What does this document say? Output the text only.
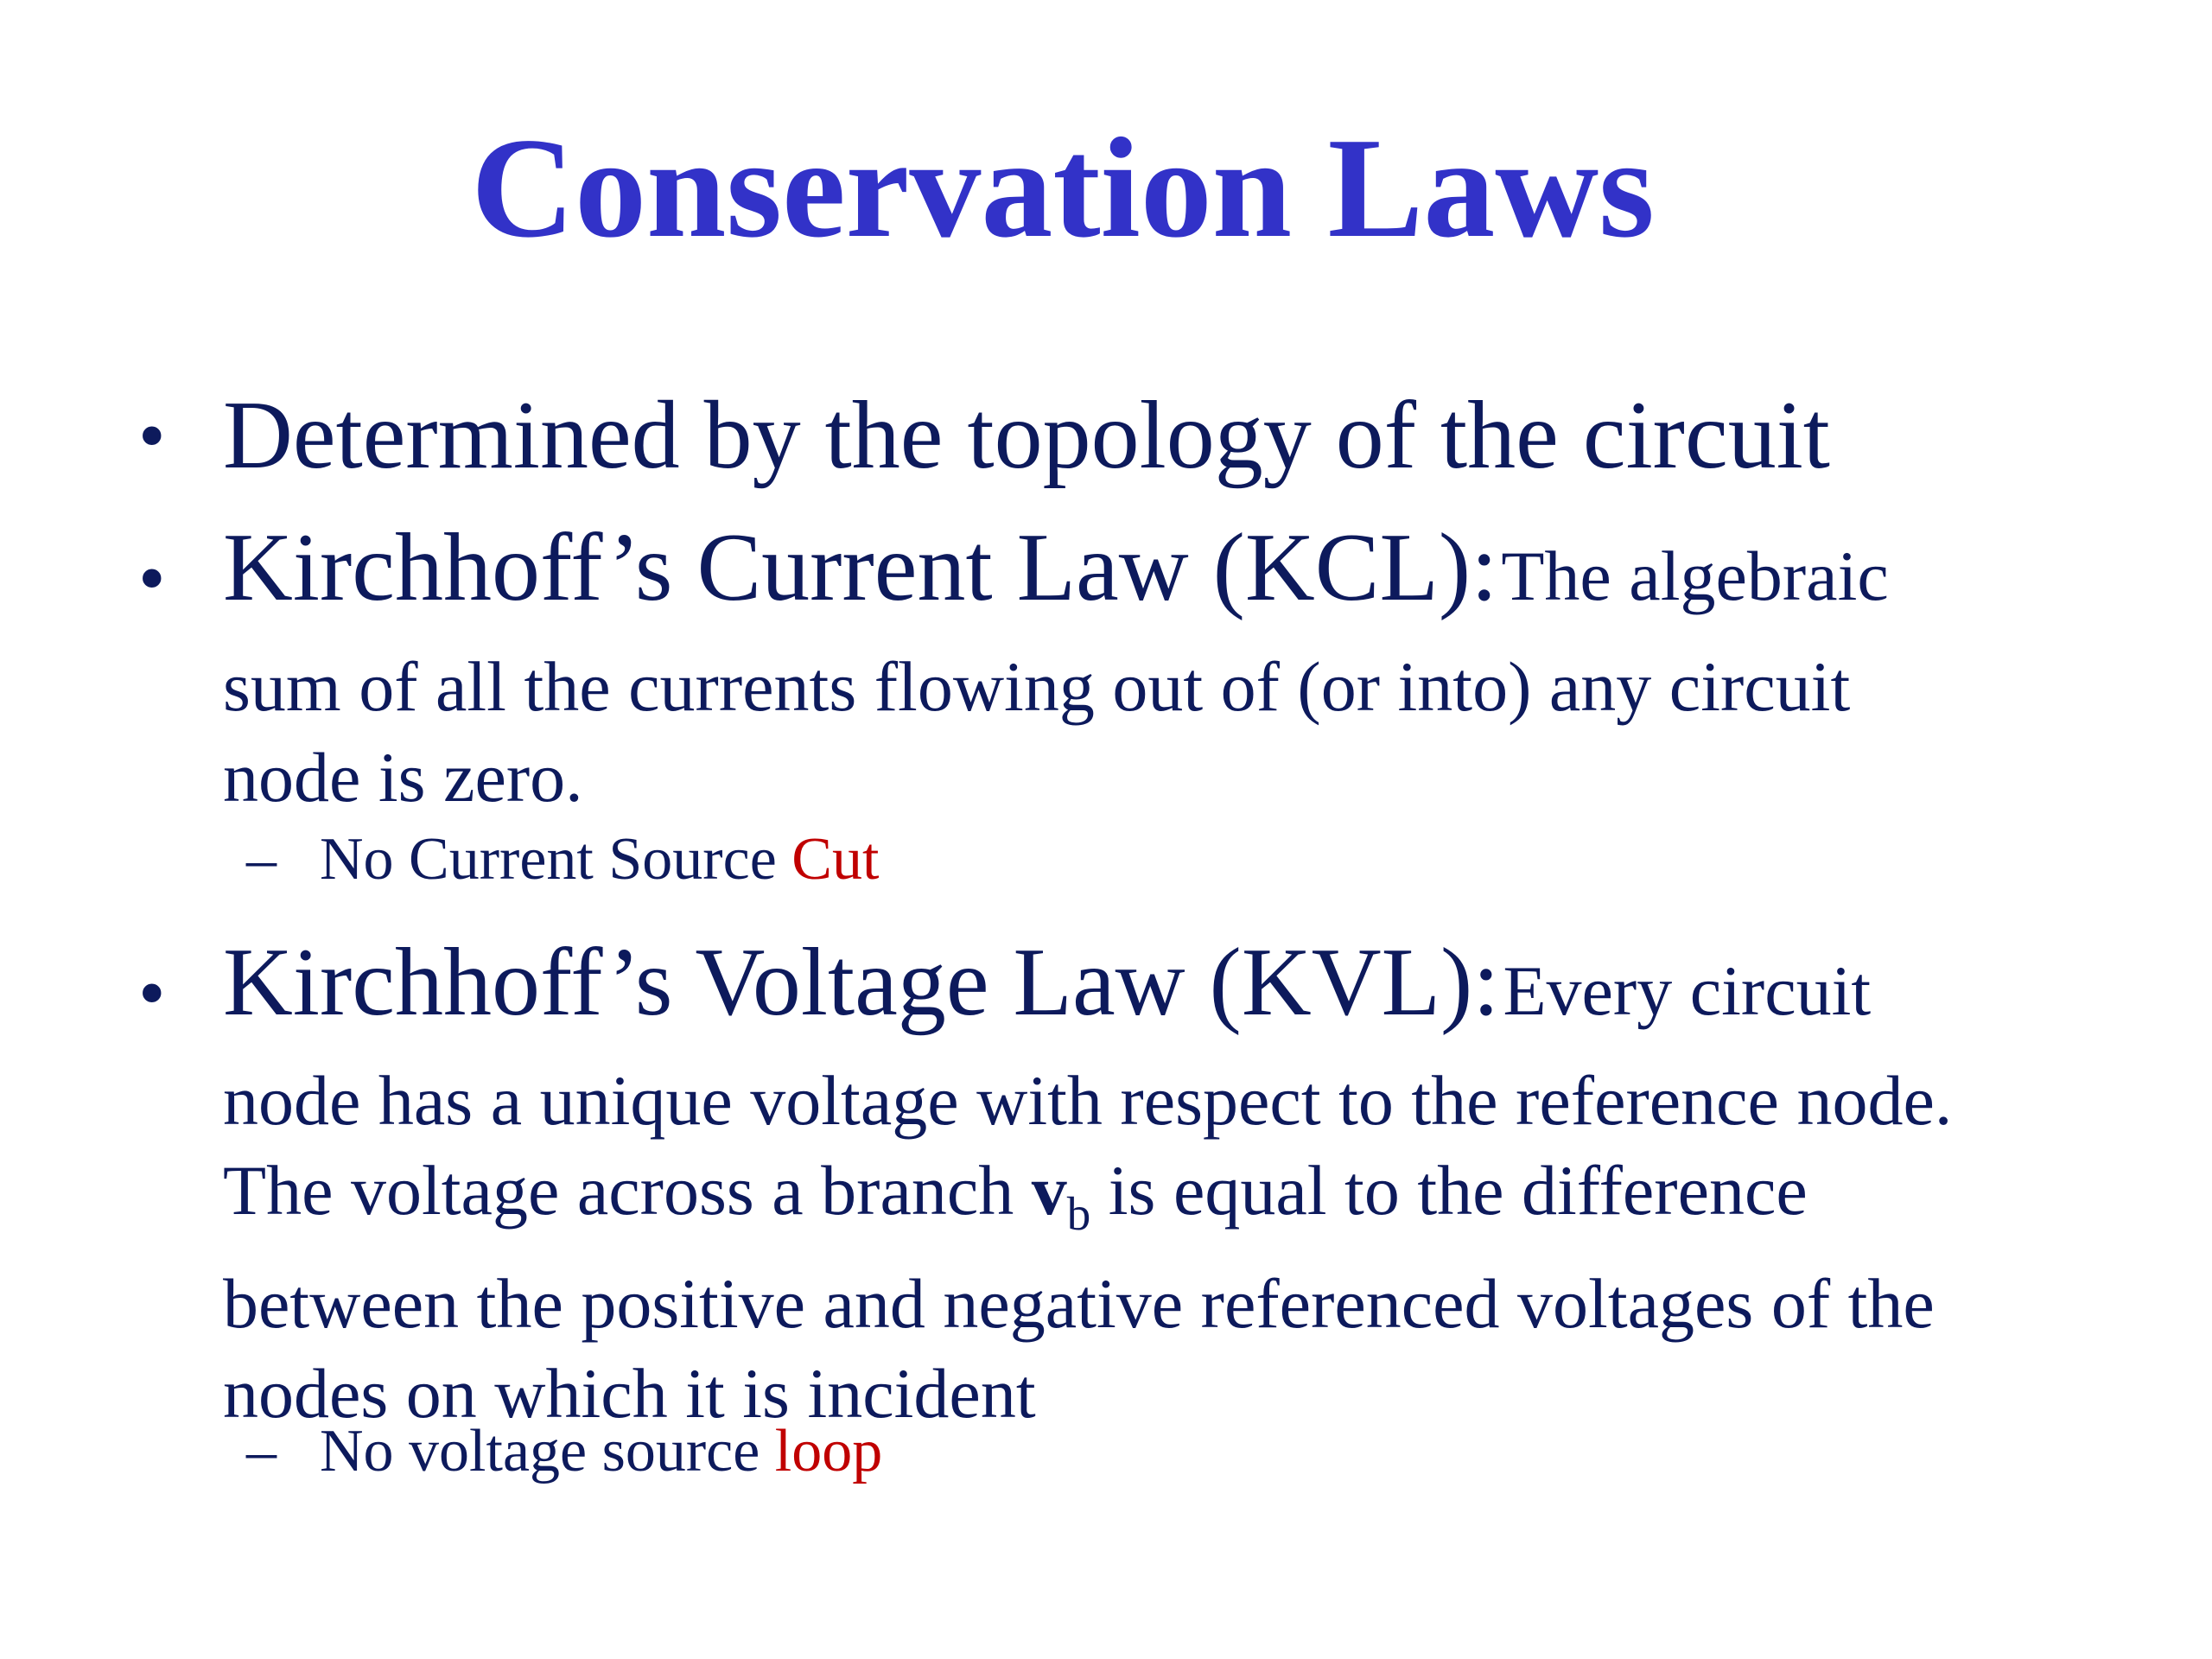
Conservation Laws
• Determined by the topology of the circuit
• Kirchhoff’s Current Law (KCL): The algebraic
sum of all the currents flowing out of (or into) any circuit
node is zero.
– No Current Source Cut
• Kirchhoff’s Voltage Law (KVL): Every circuit
node has a unique voltage with respect to the reference node.
The voltage across a branch $v_b$ is equal to the difference
between the positive and negative referenced voltages of the
nodes on which it is incident
– No voltage source loop
